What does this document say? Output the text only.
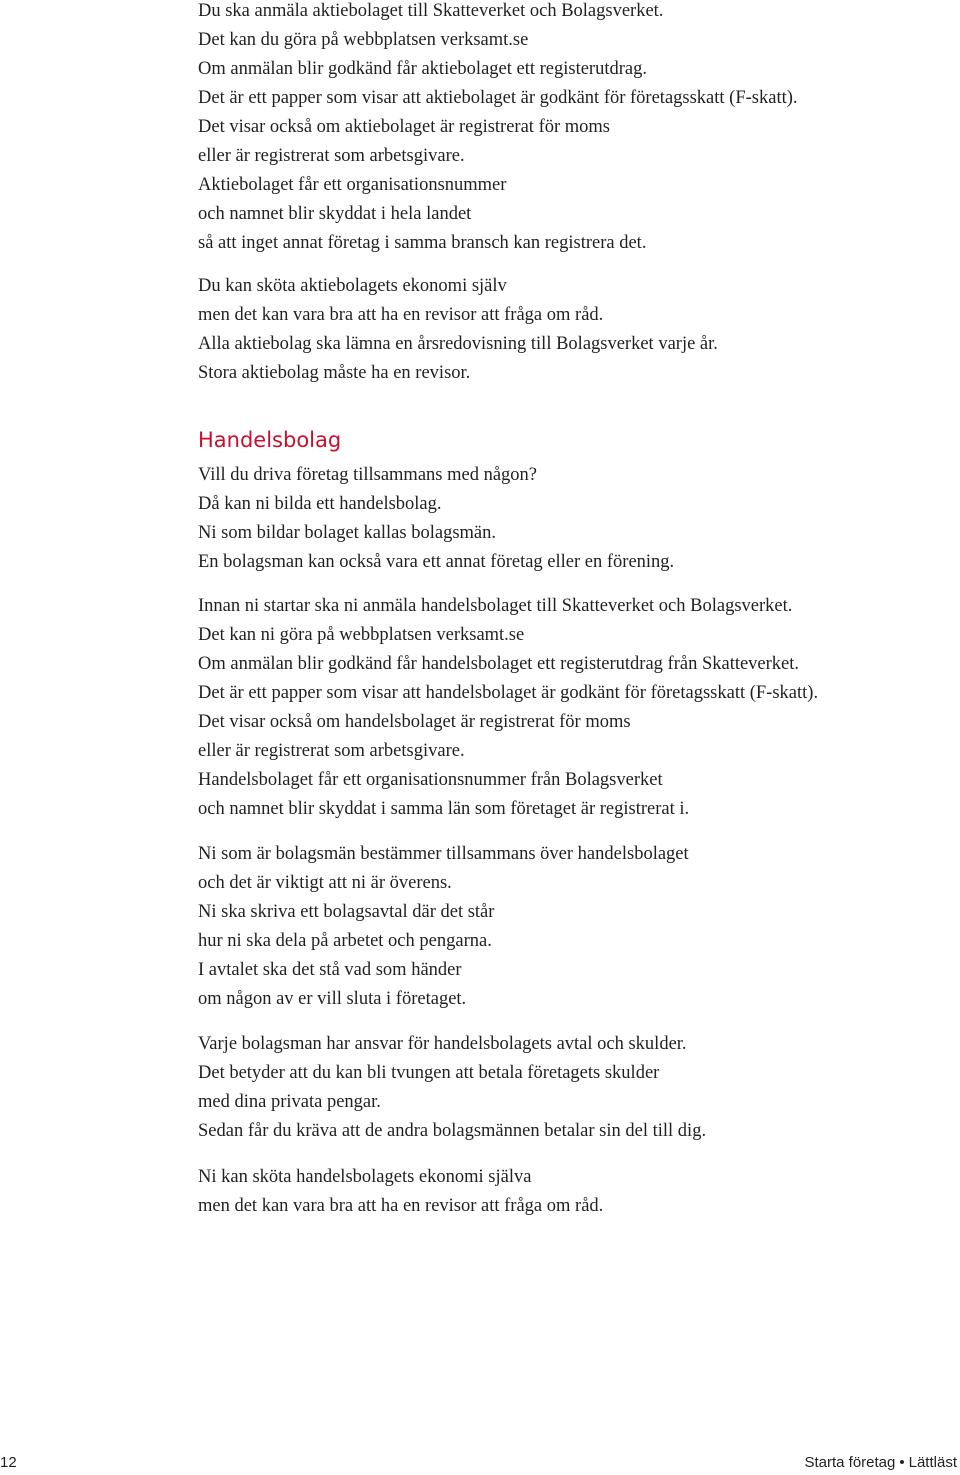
Du ska anmäla aktiebolaget till Skatteverket och Bolagsverket.
Det kan du göra på webbplatsen verksamt.se
Om anmälan blir godkänd får aktiebolaget ett registerutdrag.
Det är ett papper som visar att aktiebolaget är godkänt för företagsskatt (F-skatt).
Det visar också om aktiebolaget är registrerat för moms
eller är registrerat som arbetsgivare.
Aktiebolaget får ett organisationsnummer
och namnet blir skyddat i hela landet
så att inget annat företag i samma bransch kan registrera det.

Du kan sköta aktiebolagets ekonomi själv
men det kan vara bra att ha en revisor att fråga om råd.
Alla aktiebolag ska lämna en årsredovisning till Bolagsverket varje år.
Stora aktiebolag måste ha en revisor.

Handelsbolag

Vill du driva företag tillsammans med någon?
Då kan ni bilda ett handelsbolag.
Ni som bildar bolaget kallas bolagsmän.
En bolagsman kan också vara ett annat företag eller en förening.

Innan ni startar ska ni anmäla handelsbolaget till Skatteverket och Bolagsverket.
Det kan ni göra på webbplatsen verksamt.se
Om anmälan blir godkänd får handelsbolaget ett registerutdrag från Skatteverket.
Det är ett papper som visar att handelsbolaget är godkänt för företagsskatt (F-skatt).
Det visar också om handelsbolaget är registrerat för moms
eller är registrerat som arbetsgivare.
Handelsbolaget får ett organisationsnummer från Bolagsverket
och namnet blir skyddat i samma län som företaget är registrerat i.

Ni som är bolagsmän bestämmer tillsammans över handelsbolaget
och det är viktigt att ni är överens.
Ni ska skriva ett bolagsavtal där det står
hur ni ska dela på arbetet och pengarna.
I avtalet ska det stå vad som händer
om någon av er vill sluta i företaget.

Varje bolagsman har ansvar för handelsbolagets avtal och skulder.
Det betyder att du kan bli tvungen att betala företagets skulder
med dina privata pengar.
Sedan får du kräva att de andra bolagsmännen betalar sin del till dig.

Ni kan sköta handelsbolagets ekonomi själva
men det kan vara bra att ha en revisor att fråga om råd.

12	Starta företag • Lättläst
